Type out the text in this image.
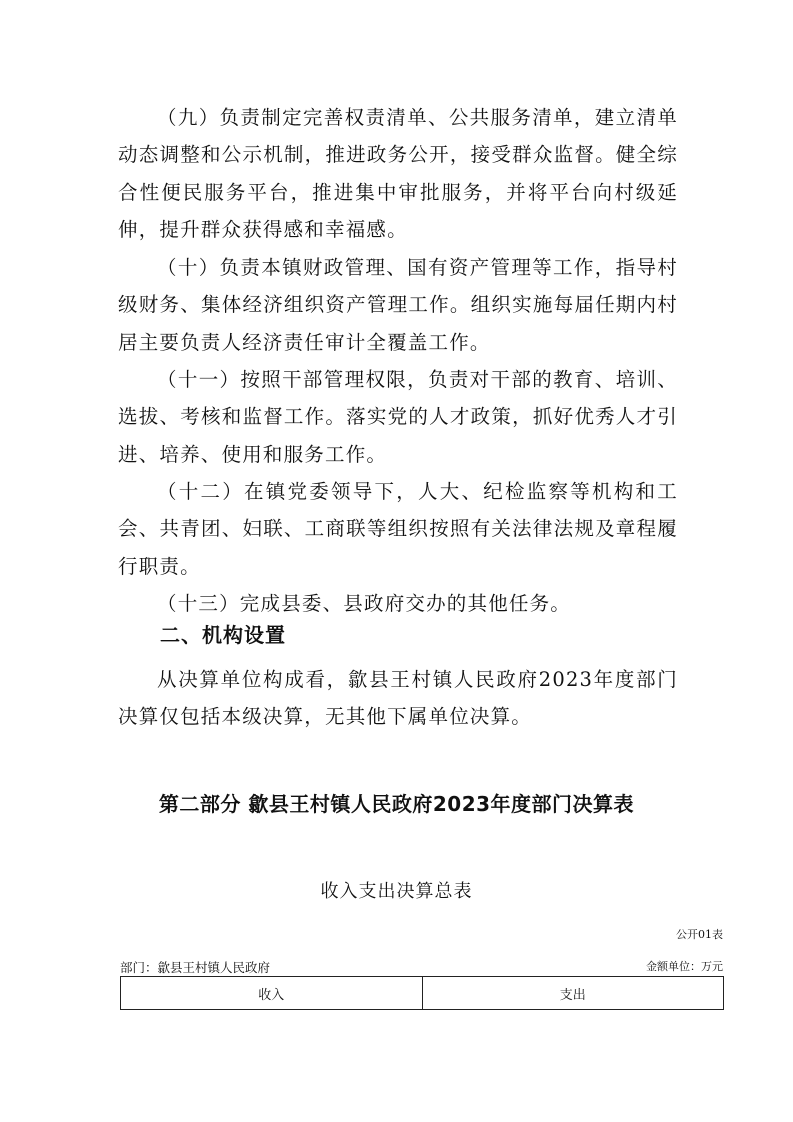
（九）负责制定完善权责清单、公共服务清单，建立清单动态调整和公示机制，推进政务公开，接受群众监督。健全综合性便民服务平台，推进集中审批服务，并将平台向村级延伸，提升群众获得感和幸福感。

（十）负责本镇财政管理、国有资产管理等工作，指导村级财务、集体经济组织资产管理工作。组织实施每届任期内村居主要负责人经济责任审计全覆盖工作。

（十一）按照干部管理权限，负责对干部的教育、培训、选拔、考核和监督工作。落实党的人才政策，抓好优秀人才引进、培养、使用和服务工作。

（十二）在镇党委领导下，人大、纪检监察等机构和工会、共青团、妇联、工商联等组织按照有关法律法规及章程履行职责。

（十三）完成县委、县政府交办的其他任务。

二、机构设置

从决算单位构成看，歙县王村镇人民政府2023年度部门决算仅包括本级决算，无其他下属单位决算。

第二部分 歙县王村镇人民政府2023年度部门决算表

收入支出决算总表

公开01表

部门：歙县王村镇人民政府	金额单位：万元

收入	支出
